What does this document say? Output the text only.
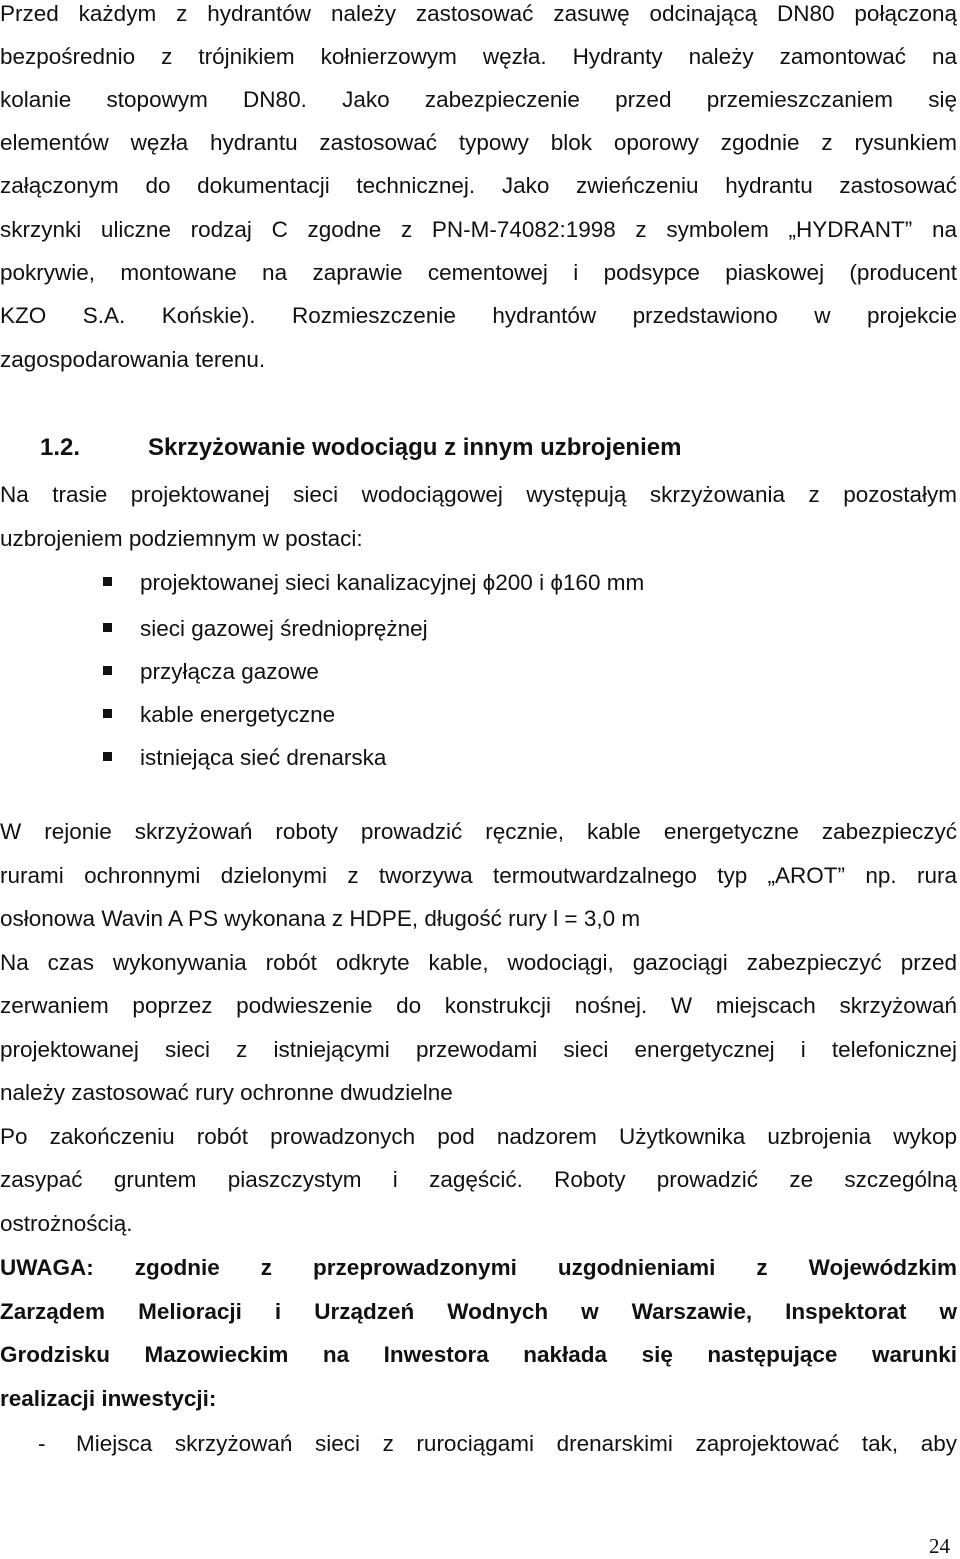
Przed każdym z hydrantów należy zastosować zasuwę odcinającą DN80 połączoną
bezpośrednio z trójnikiem kołnierzowym węzła. Hydranty należy zamontować na
kolanie stopowym DN80. Jako zabezpieczenie przed przemieszczaniem się
elementów węzła hydrantu zastosować typowy blok oporowy zgodnie z rysunkiem
załączonym do dokumentacji technicznej. Jako zwieńczeniu hydrantu zastosować
skrzynki uliczne rodzaj C zgodne z PN-M-74082:1998 z symbolem „HYDRANT” na
pokrywie, montowane na zaprawie cementowej i podsypce piaskowej (producent
KZO S.A. Końskie). Rozmieszczenie hydrantów przedstawiono w projekcie
zagospodarowania terenu.
1.2.	Skrzyżowanie wodociągu z innym uzbrojeniem
Na trasie projektowanej sieci wodociągowej występują skrzyżowania z pozostałym
uzbrojeniem podziemnym w postaci:
projektowanej sieci kanalizacyjnej ϕ200 i ϕ160 mm
sieci gazowej średnioprężnej
przyłącza gazowe
kable energetyczne
istniejąca sieć drenarska
W rejonie skrzyżowań roboty prowadzić ręcznie, kable energetyczne zabezpieczyć
rurami ochronnymi dzielonymi z tworzywa termoutwardzalnego typ „AROT” np. rura
osłonowa Wavin A PS wykonana z HDPE, długość rury l = 3,0 m
Na czas wykonywania robót odkryte kable, wodociągi, gazociągi zabezpieczyć przed
zerwaniem poprzez podwieszenie do konstrukcji nośnej. W miejscach skrzyżowań
projektowanej sieci z istniejącymi przewodami sieci energetycznej i telefonicznej
należy zastosować rury ochronne dwudzielne
Po zakończeniu robót prowadzonych pod nadzorem Użytkownika uzbrojenia wykop
zasypać gruntem piaszczystym i zagęścić. Roboty prowadzić ze szczególną
ostrożnością.
UWAGA: zgodnie z przeprowadzonymi uzgodnieniami z Wojewódzkim
Zarządem Melioracji i Urządzeń Wodnych w Warszawie, Inspektorat w
Grodzisku Mazowieckim na Inwestora nakłada się następujące warunki
realizacji inwestycji:
- Miejsca skrzyżowań sieci z rurociągami drenarskimi zaprojektować tak, aby
24
